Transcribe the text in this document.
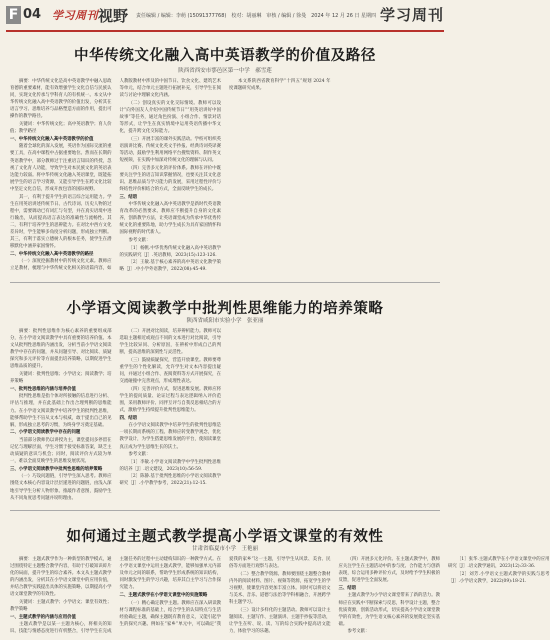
F 04 学习周刊 视野 责任编辑 / 编辑：李萌 (15091377768)　校对：胡丽琳　审核 / 编辑 / 徐曼　2024 年 12 月 26 日 星期四 学习周刊
中华传统文化融入高中英语教学的价值及路径
陕西省西安市鄠邑区第一中学　郝雪莲

摘要：中华传统文化是高中英语教学中融入思政育德的重要素材，能有效增强学生文化自信与民族认同，实现文化传承与学科育人的有机统一。本文从中华传统文化融入高中英语教学的价值出发，分析其在语言学习、思维培养与品格塑造方面的作用，提出可操作的教学路径。

关键词：中华传统文化；高中英语教学；育人价值；教学路径

一、中华传统文化融入高中英语教学的价值

随着全球化的深入发展，英语作为国际交流的重要工具，在高中课程中占据重要地位。然而在长期的英语教学中，部分教师过于注重语言知识的传授，忽视了文化育人功能，导致学生对本民族文化的英语表达能力较弱。将中华传统文化融入英语课堂，既能拓展学生的语言学习资源，又能引导学生在跨文化比较中坚定文化自信，形成开放包容的国际视野。

其一，有利于提升学生的语言综合运用能力。学生在用英语讲述传统节日、古代诗词、历史人物的过程中，需要调动已有词汇与句型，并在真实语境中进行输出，从而提高语言表达的准确性与流畅性。其二，有利于培养学生的思辨能力。在对比中西方文化差异时，学生能够多角度分析问题，形成独立判断。其三，有利于落实立德树人的根本任务，使学生在潜移默化中涵养家国情怀。

二、中华传统文化融入高中英语教学的路径

（一）深度挖掘教材中的传统文化元素。教师应立足教材，梳理与中华传统文化相关的语篇内容，如人教版教材中涉及的中国节日、饮食文化、建筑艺术等单元，结合单元主题进行拓展补充，引导学生在阅读与讨论中理解文化内涵。

（二）创设真实的文化交际情境。教师可以设计“向外国友人介绍中国传统节日”“用英语讲好中国故事”等任务，通过角色扮演、小组合作、情景对话等形式，让学生在真实情境中运用英语传播中华文化，提升跨文化交际能力。

（三）开展丰富的课外实践活动。学校可组织英语演讲比赛、传统文化英文手抄报、经典诗词英译赛等活动，鼓励学生利用网络平台搜集资料、制作英文短视频，在实践中加深对传统文化的理解与认同。

（四）完善多元化的评价体系。教师在评价中既要关注学生的语言知识掌握情况，也要关注其文化意识、思维品质与学习能力的发展，采用过程性评价与终结性评价相结合的方式，全面反映学生的成长。

三、结语

中华传统文化融入高中英语教学是新时代英语教育改革的必然要求。教师应不断提升自身的文化素养，创新教学方法，让英语课堂成为传承中华优秀传统文化的重要阵地，助力学生成长为具有家国情怀和国际视野的时代新人。

参考文献：

［1］杨帆.中华优秀传统文化融入高中英语教学的实践研究［J］.英语教师，2023(15):123-126.

［2］王敏.基于核心素养的高中英语文化教学策略［J］.中小学外语教学，2022(08):45-49.

本文系陕西省教育科学“十四五”规划 2024 年度课题研究成果。

小学语文阅读教学中批判性思维能力的培养策略
陕西省咸阳市实验小学　张亚丽

摘要：批判性思维作为核心素养的重要组成部分，在小学语文阅读教学中具有重要的培养价值。本文从批判性思维的内涵出发，分析当前小学语文阅读教学中存在的问题，并从问题引导、对比阅读、质疑探究和多元评价等方面提出培养策略，以期促进学生思维品质的提升。

关键词：批判性思维；小学语文；阅读教学；培养策略

一、批判性思维的内涵与培养价值

批判性思维是指个体对所接触的信息进行分析、评估与推理，并在此基础上作出合理判断的思维能力。在小学语文阅读教学中培养学生的批判性思维，能够帮助学生不盲从文本与权威，敢于提出自己的见解，形成独立思考的习惯，为终身学习奠定基础。

二、小学语文阅读教学中存在的问题

当前部分教师仍以讲授为主，课堂提问多停留在记忆与理解层面，学生习惯于接受标准答案，缺乏主动质疑的意识与机会；同时，阅读评价方式较为单一，难以全面反映学生的思维发展状况。

三、小学语文阅读教学中批判性思维的培养策略

（一）巧设问题链，引导学生深入思考。教师应围绕文本核心内容设计层层递进的问题链，由浅入深地引导学生分析人物形象、推敲作者意图，鼓励学生从不同角度思考问题并说明理由。

（二）开展对比阅读，培养辨析能力。教师可以选取主题相近或观点不同的文本进行对比阅读，引导学生比较异同、分析原因，在辨析中形成自己的判断，提高思维的深刻性与灵活性。

（三）鼓励质疑探究，营造开放课堂。教师要尊重学生的个性化解读，允许学生对文本内容提出疑问，并通过小组合作、查阅资料等方式开展探究，在交流碰撞中完善观点，形成理性表达。

（四）完善评价方式，促进思维发展。教师应将学生的提问质量、论证过程与表达逻辑纳入评价范围，采用教师评价、同伴互评与自我反思相结合的方式，激励学生持续提升批判性思维能力。

四、结语

在小学语文阅读教学中培养学生的批判性思维是一项长期而系统的工程。教师应转变教学观念，优化教学设计，为学生搭建思维发展的平台，使阅读课堂真正成为学生思维生长的沃土。

参考文献：

［1］李敏.小学语文阅读教学中学生批判性思维的培养［J］.语文建设，2023(10):56-59.

［2］陈静.基于批判性思维的小学语文阅读教学研究［J］.小学教学参考，2022(21):12-15.

如何通过主题式教学提高小学语文课堂的有效性
甘肃省临夏市小学　王艳丽

摘要：主题式教学作为一种新型的教学模式，通过围绕特定主题整合教学内容，有助于打破知识碎片化的局面，提升学生的综合素养。本文从主题式教学的内涵出发，分析其在小学语文课堂中的应用价值，并结合教学实践提出具体的实施策略，以期提高小学语文课堂教学的有效性。

关键词：主题式教学；小学语文；课堂有效性；教学策略

一、主题式教学的内涵与应用价值

主题式教学是以某一主题为核心，将相关的知识、技能与情感态度进行有机整合，引导学生在完成主题任务的过程中主动建构知识的一种教学方式。在小学语文课堂中运用主题式教学，能够加强单元内部及单元之间的联系，帮助学生形成系统的知识结构，同时激发学生的学习兴趣，培养其自主学习与合作探究能力。

二、主题式教学在小学语文课堂中的实施策略

（一）精心确定教学主题。教师应在深入研读教材与课程标准的基础上，结合学生的认知特点与生活经验确定主题，确保主题既有教育意义，又能引起学生的探究兴趣。例如在“家乡”单元中，可以确定“我爱我的家乡”这一主题，引导学生从风景、美食、民俗等方面进行观察与表达。

（二）整合教学资源。教师要围绕主题整合教材内外的阅读材料、图片、视频等资源，拓宽学生的学习视野，使课堂内容更加丰富立体。同时可以将语文与美术、音乐、道德与法治等学科相融合，开展跨学科主题学习。

（三）设计多样化的主题活动。教师可以设计主题阅读、主题写作、主题演讲、主题手抄报等活动，让学生在听、说、读、写的综合实践中提高语文能力，体验学习的乐趣。

（四）开展多元化评价。在主题式教学中，教师应关注学生在主题活动中的参与度、合作能力与创新表现，综合运用多种评价方式，及时给予学生积极的反馈，促进学生全面发展。

三、结语

主题式教学为小学语文课堂带来了新的活力。教师应在实践中不断探索与反思，科学设计主题，整合优质资源，创新活动形式，切实提高小学语文课堂教学的有效性，为学生语文核心素养的发展奠定坚实基础。

参考文献：

［1］张华.主题式教学在小学语文课堂中的应用研究［J］.语文教学通讯，2023(12):33-36.

［2］刘芳.小学语文主题式教学的实践与思考［J］.小学语文教学，2022(09):18-21.
